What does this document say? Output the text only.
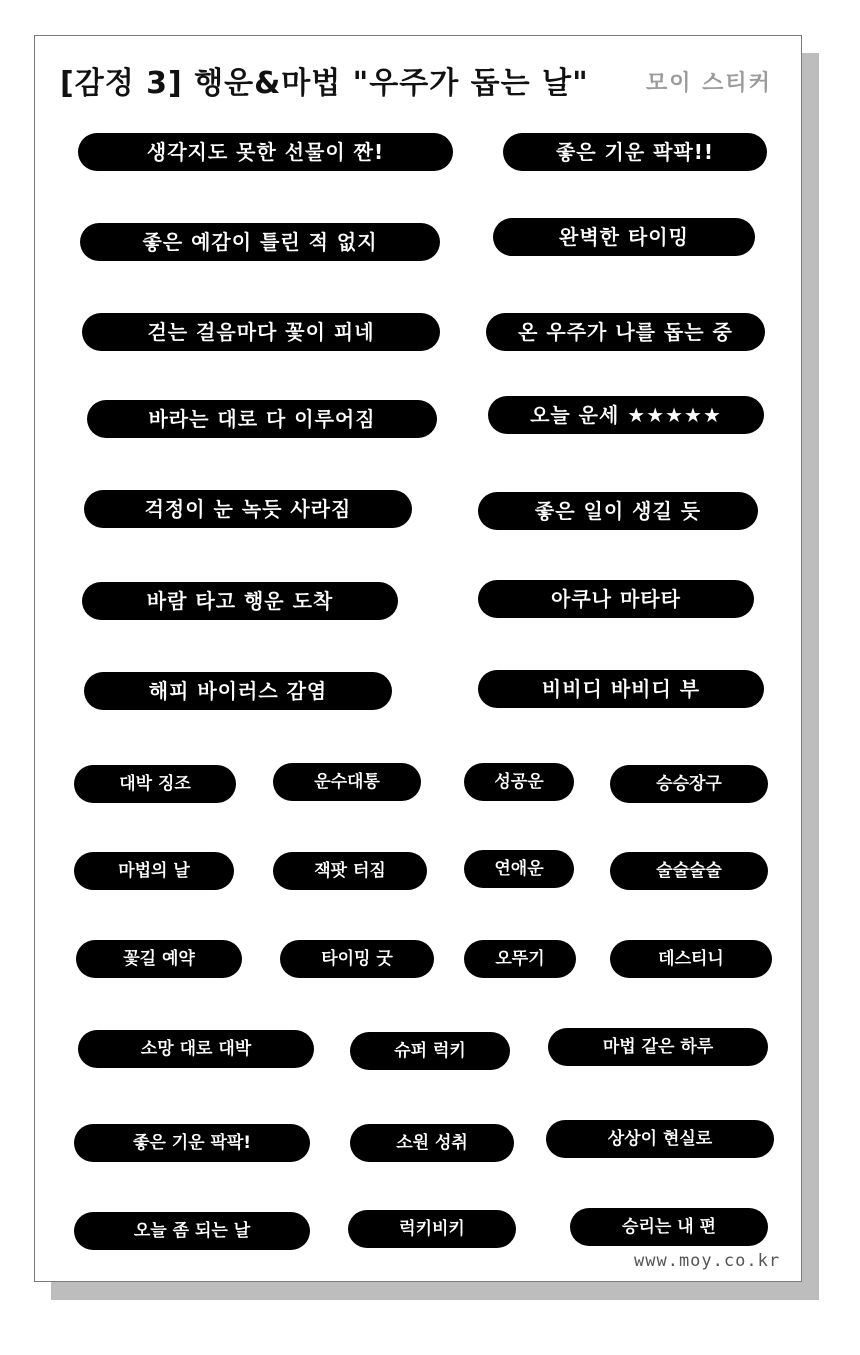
[감정 3] 행운&마법 "우주가 돕는 날"	모이 스티커
생각지도 못한 선물이 짠!	좋은 기운 팍팍!!
좋은 예감이 틀린 적 없지	완벽한 타이밍
걷는 걸음마다 꽃이 피네	온 우주가 나를 돕는 중
바라는 대로 다 이루어짐	오늘 운세 ★★★★★
걱정이 눈 녹듯 사라짐	좋은 일이 생길 듯
바람 타고 행운 도착	아쿠나 마타타
해피 바이러스 감염	비비디 바비디 부
대박 징조	운수대통	성공운	승승장구
마법의 날	잭팟 터짐	연애운	술술술술
꽃길 예약	타이밍 굿	오뚜기	데스티니
소망 대로 대박	슈퍼 럭키	마법 같은 하루
좋은 기운 팍팍!	소원 성취	상상이 현실로
오늘 좀 되는 날	럭키비키	승리는 내 편
www.moy.co.kr
